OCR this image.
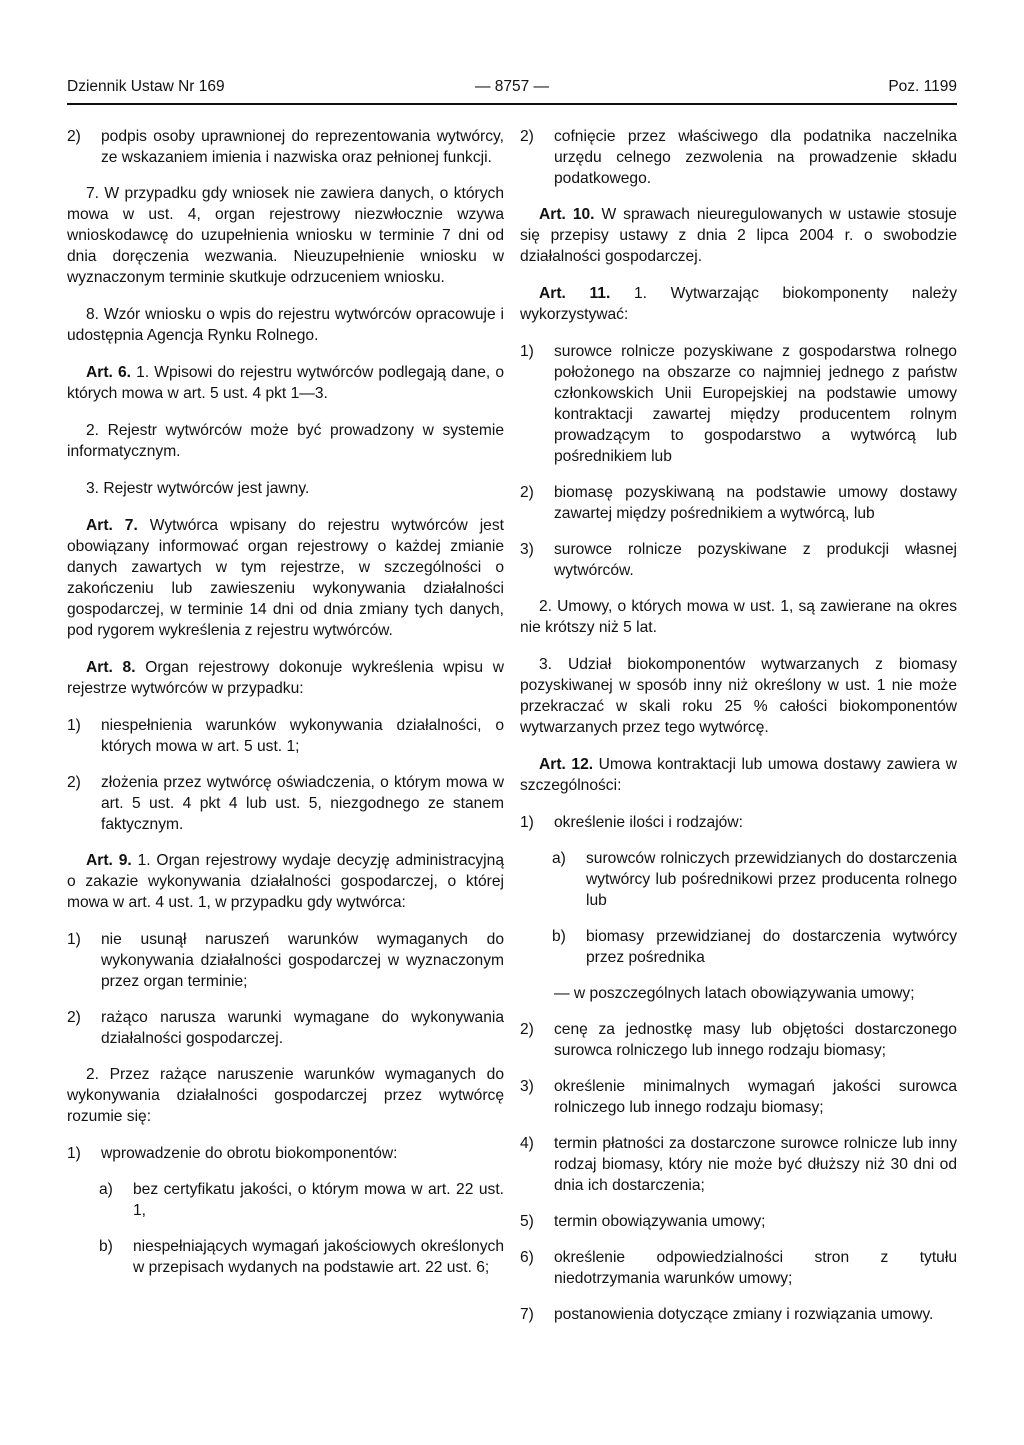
Dziennik Ustaw Nr 169	— 8757 —	Poz. 1199
2) podpis osoby uprawnionej do reprezentowania wytwórcy, ze wskazaniem imienia i nazwiska oraz pełnionej funkcji.

7. W przypadku gdy wniosek nie zawiera danych, o których mowa w ust. 4, organ rejestrowy niezwłocznie wzywa wnioskodawcę do uzupełnienia wniosku w terminie 7 dni od dnia doręczenia wezwania. Nieuzupełnienie wniosku w wyznaczonym terminie skutkuje odrzuceniem wniosku.

8. Wzór wniosku o wpis do rejestru wytwórców opracowuje i udostępnia Agencja Rynku Rolnego.

Art. 6. 1. Wpisowi do rejestru wytwórców podlegają dane, o których mowa w art. 5 ust. 4 pkt 1—3.

2. Rejestr wytwórców może być prowadzony w systemie informatycznym.

3. Rejestr wytwórców jest jawny.

Art. 7. Wytwórca wpisany do rejestru wytwórców jest obowiązany informować organ rejestrowy o każdej zmianie danych zawartych w tym rejestrze, w szczególności o zakończeniu lub zawieszeniu wykonywania działalności gospodarczej, w terminie 14 dni od dnia zmiany tych danych, pod rygorem wykreślenia z rejestru wytwórców.

Art. 8. Organ rejestrowy dokonuje wykreślenia wpisu w rejestrze wytwórców w przypadku:

1) niespełnienia warunków wykonywania działalności, o których mowa w art. 5 ust. 1;
2) złożenia przez wytwórcę oświadczenia, o którym mowa w art. 5 ust. 4 pkt 4 lub ust. 5, niezgodnego ze stanem faktycznym.

Art. 9. 1. Organ rejestrowy wydaje decyzję administracyjną o zakazie wykonywania działalności gospodarczej, o której mowa w art. 4 ust. 1, w przypadku gdy wytwórca:

1) nie usunął naruszeń warunków wymaganych do wykonywania działalności gospodarczej w wyznaczonym przez organ terminie;
2) rażąco narusza warunki wymagane do wykonywania działalności gospodarczej.

2. Przez rażące naruszenie warunków wymaganych do wykonywania działalności gospodarczej przez wytwórcę rozumie się:

1) wprowadzenie do obrotu biokomponentów:
a) bez certyfikatu jakości, o którym mowa w art. 22 ust. 1,
b) niespełniających wymagań jakościowych określonych w przepisach wydanych na podstawie art. 22 ust. 6;
2) cofnięcie przez właściwego dla podatnika naczelnika urzędu celnego zezwolenia na prowadzenie składu podatkowego.

Art. 10. W sprawach nieuregulowanych w ustawie stosuje się przepisy ustawy z dnia 2 lipca 2004 r. o swobodzie działalności gospodarczej.

Art. 11. 1. Wytwarzając biokomponenty należy wykorzystywać:

1) surowce rolnicze pozyskiwane z gospodarstwa rolnego położonego na obszarze co najmniej jednego z państw członkowskich Unii Europejskiej na podstawie umowy kontraktacji zawartej między producentem rolnym prowadzącym to gospodarstwo a wytwórcą lub pośrednikiem lub
2) biomasę pozyskiwaną na podstawie umowy dostawy zawartej między pośrednikiem a wytwórcą, lub
3) surowce rolnicze pozyskiwane z produkcji własnej wytwórców.

2. Umowy, o których mowa w ust. 1, są zawierane na okres nie krótszy niż 5 lat.

3. Udział biokomponentów wytwarzanych z biomasy pozyskiwanej w sposób inny niż określony w ust. 1 nie może przekraczać w skali roku 25 % całości biokomponentów wytwarzanych przez tego wytwórcę.

Art. 12. Umowa kontraktacji lub umowa dostawy zawiera w szczególności:

1) określenie ilości i rodzajów:
a) surowców rolniczych przewidzianych do dostarczenia wytwórcy lub pośrednikowi przez producenta rolnego lub
b) biomasy przewidzianej do dostarczenia wytwórcy przez pośrednika
— w poszczególnych latach obowiązywania umowy;
2) cenę za jednostkę masy lub objętości dostarczonego surowca rolniczego lub innego rodzaju biomasy;
3) określenie minimalnych wymagań jakości surowca rolniczego lub innego rodzaju biomasy;
4) termin płatności za dostarczone surowce rolnicze lub inny rodzaj biomasy, który nie może być dłuższy niż 30 dni od dnia ich dostarczenia;
5) termin obowiązywania umowy;
6) określenie odpowiedzialności stron z tytułu niedotrzymania warunków umowy;
7) postanowienia dotyczące zmiany i rozwiązania umowy.
